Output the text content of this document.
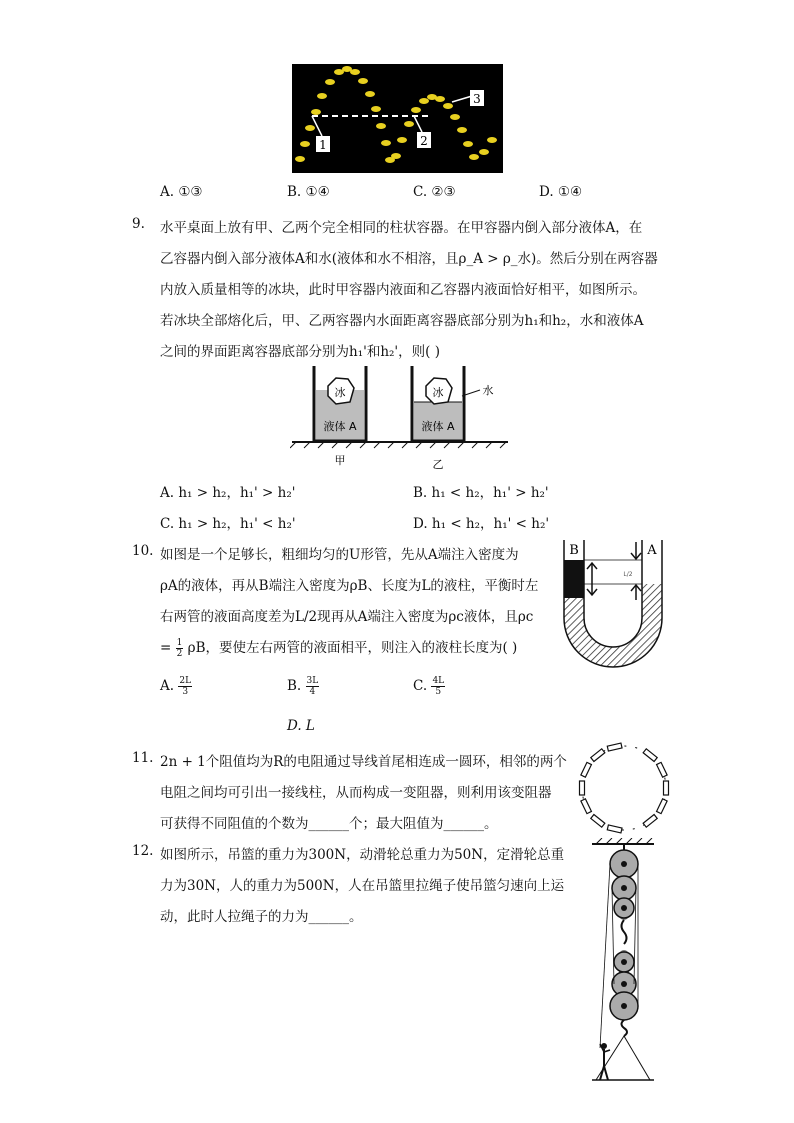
1	2
3
A. ①③	B. ①④	C. ②③	D. ①④
9. 水平桌面上放有甲、乙两个完全相同的柱状容器。在甲容器内倒入部分液体A，在
乙容器内倒入部分液体A和水(液体和水不相溶，且ρ_A > ρ_水)。然后分别在两容器
内放入质量相等的冰块，此时甲容器内液面和乙容器内液面恰好相平，如图所示。
若冰块全部熔化后，甲、乙两容器内水面距离容器底部分别为h₁和h₂，水和液体A
之间的界面距离容器底部分别为h₁'和h₂'，则( )
冰
液体 A
冰
液体 A
水
甲	乙
A. h₁ > h₂，h₁' > h₂'	B. h₁ < h₂，h₁' > h₂'
C. h₁ > h₂，h₁' < h₂'	D. h₁ < h₂，h₁' < h₂'
10. 如图是一个足够长，粗细均匀的U形管，先从A端注入密度为
ρA的液体，再从B端注入密度为ρB、长度为L的液柱，平衡时左
右两管的液面高度差为L/2现再从A端注入密度为ρc液体，且ρc
= $\frac{1}{2}$ ρB，要使左右两管的液面相平，则注入的液柱长度为( )
B	A
L/2
A. $\frac{2L}{3}$	B. $\frac{3L}{4}$	C. $\frac{4L}{5}$
D. L
11. 2n + 1个阻值均为R的电阻通过导线首尾相连成一圆环，相邻的两个
电阻之间均可引出一接线柱，从而构成一变阻器，则利用该变阻器
可获得不同阻值的个数为______个；最大阻值为______。
12. 如图所示，吊篮的重力为300N，动滑轮总重力为50N，定滑轮总重
力为30N，人的重力为500N，人在吊篮里拉绳子使吊篮匀速向上运
动，此时人拉绳子的力为______。
